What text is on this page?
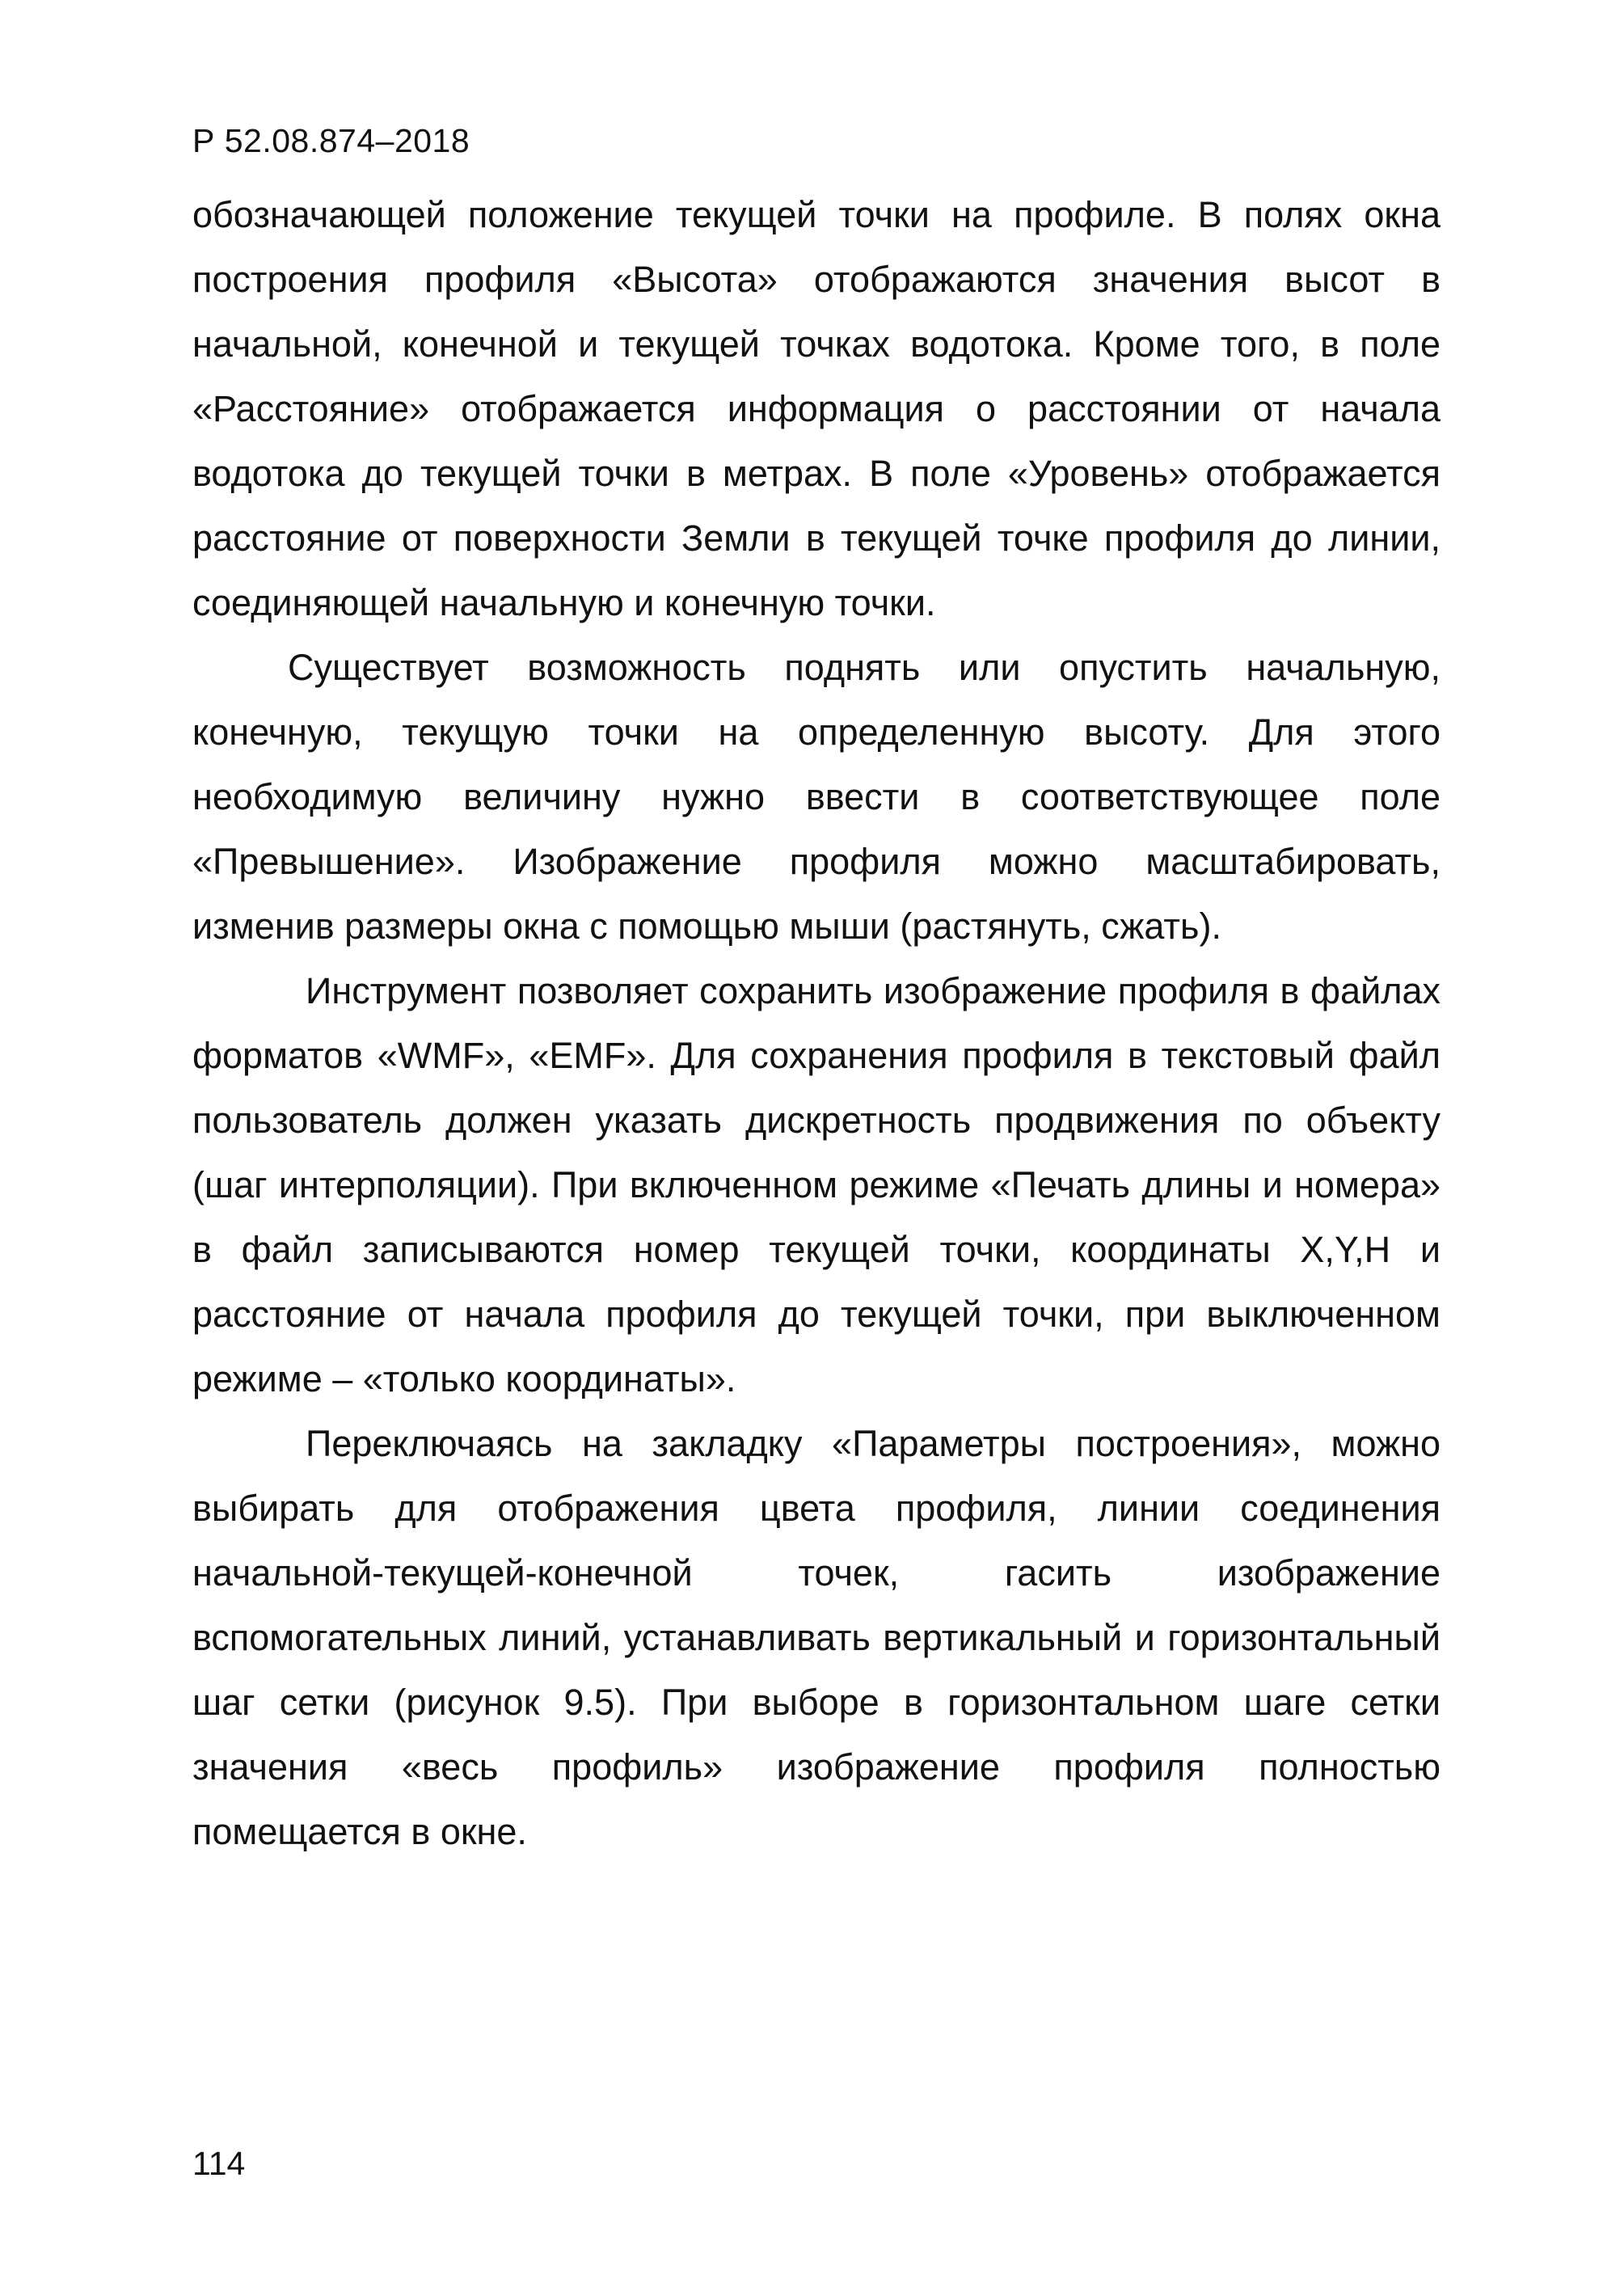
Р 52.08.874–2018

обозначающей положение текущей точки на профиле. В полях окна построения профиля «Высота» отображаются значения высот в начальной, конечной и текущей точках водотока. Кроме того, в поле «Расстояние» отображается информация о расстоянии от начала водотока до текущей точки в метрах. В поле «Уровень» отображается расстояние от поверхности Земли в текущей точке профиля до линии, соединяющей начальную и конечную точки.

Существует возможность поднять или опустить начальную, конечную, текущую точки на определенную высоту. Для этого необходимую величину нужно ввести в соответствующее поле «Превышение». Изображение профиля можно масштабировать, изменив размеры окна с помощью мыши (растянуть, сжать).

Инструмент позволяет сохранить изображение профиля в файлах форматов «WMF», «EMF». Для сохранения профиля в текстовый файл пользователь должен указать дискретность продвижения по объекту (шаг интерполяции). При включенном режиме «Печать длины и номера» в файл записываются номер текущей точки, координаты X,Y,H и расстояние от начала профиля до текущей точки, при выключенном режиме – «только координаты».

Переключаясь на закладку «Параметры построения», можно выбирать для отображения цвета профиля, линии соединения начальной-текущей-конечной точек, гасить изображение вспомогательных линий, устанавливать вертикальный и горизонтальный шаг сетки (рисунок 9.5). При выборе в горизонтальном шаге сетки значения «весь профиль» изображение профиля полностью помещается в окне.

114
